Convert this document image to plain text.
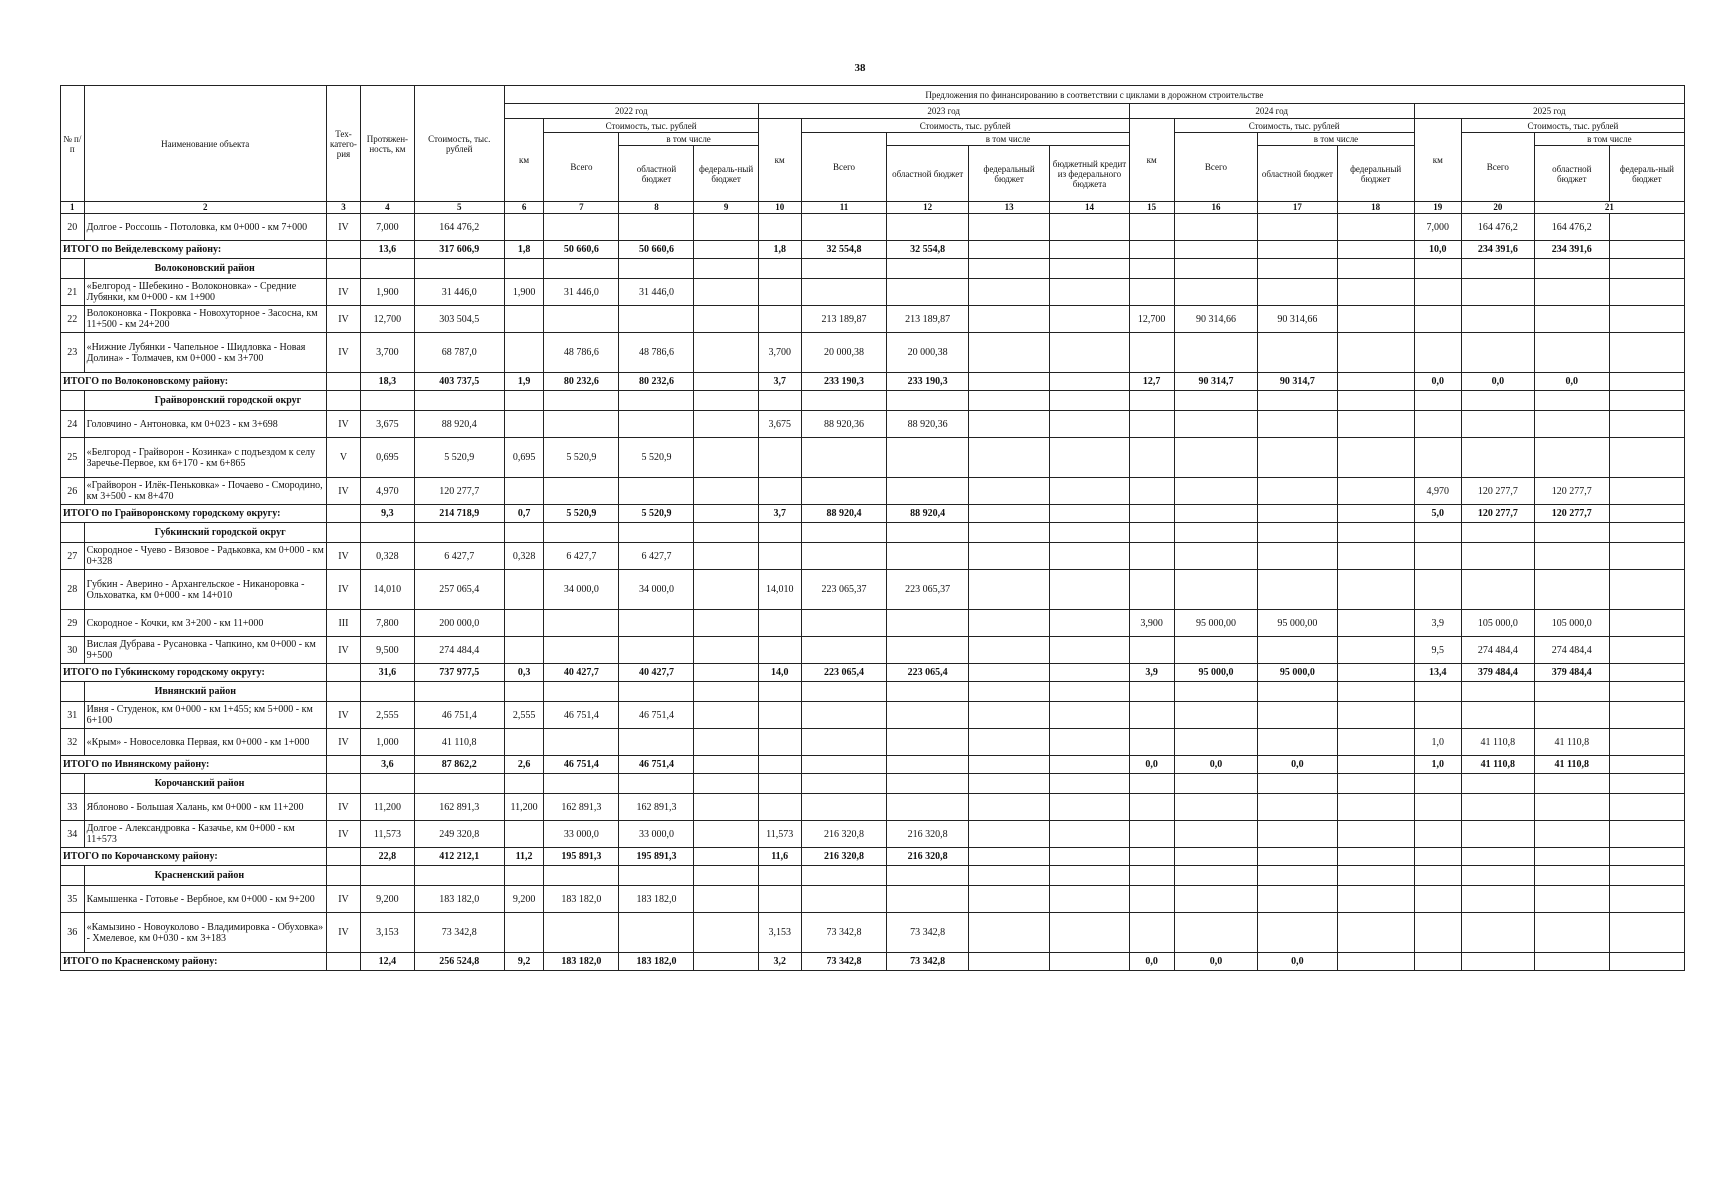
38
№ п/п	Наименование объекта	Тех-катего-рия	Протяжен-ность, км	Стоимость, тыс. рублей	Предложения по финансированию в соответствии с циклами в дорожном строительстве																
					2022 год				2023 год					2024 год				2025 год			
					км	Стоимость, тыс. рублей			км	Стоимость, тыс. рублей				км	Стоимость, тыс. рублей			км	Стоимость, тыс. рублей		
						Всего	в том числе			Всего	в том числе				Всего	в том числе			Всего	в том числе	
							областной бюджет	федераль-ный бюджет			областной бюджет	федеральный бюджет	бюджетный кредит из федерального бюджета			областной бюджет	федеральный бюджет			областной бюджет	федераль-ный бюджет
1	2	3	4	5	6	7	8	9	10	11	12	13	14	15	16	17	18	19	20	21	
20	Долгое - Россошь - Потоловка, км 0+000 - км 7+000	IV	7,000	164 476,2														7,000	164 476,2	164 476,2	
ИТОГО по Вейделевскому району:			13,6	317 606,9	1,8	50 660,6	50 660,6		1,8	32 554,8	32 554,8							10,0	234 391,6	234 391,6	
	Волоконовский район																				
21	«Белгород - Шебекино - Волоконовка» - Средние Лубянки, км 0+000 - км 1+900	IV	1,900	31 446,0	1,900	31 446,0	31 446,0														
22	Волоконовка - Покровка - Новохуторное - Засосна, км 11+500 - км 24+200	IV	12,700	303 504,5						213 189,87	213 189,87			12,700	90 314,66	90 314,66					
23	«Нижние Лубянки - Чапельное - Шидловка - Новая Долина» - Толмачев, км 0+000 - км 3+700	IV	3,700	68 787,0		48 786,6	48 786,6		3,700	20 000,38	20 000,38										
ИТОГО по Волоконовскому району:			18,3	403 737,5	1,9	80 232,6	80 232,6		3,7	233 190,3	233 190,3			12,7	90 314,7	90 314,7		0,0	0,0	0,0	
	Грайворонский городской округ																				
24	Головчино - Антоновка, км 0+023 - км 3+698	IV	3,675	88 920,4					3,675	88 920,36	88 920,36										
25	«Белгород - Грайворон - Козинка» с подъездом к селу Заречье-Первое, км 6+170 - км 6+865	V	0,695	5 520,9	0,695	5 520,9	5 520,9														
26	«Грайворон - Илёк-Пеньковка» - Почаево - Смородино, км 3+500 - км 8+470	IV	4,970	120 277,7														4,970	120 277,7	120 277,7	
ИТОГО по Грайворонскому городскому округу:			9,3	214 718,9	0,7	5 520,9	5 520,9		3,7	88 920,4	88 920,4							5,0	120 277,7	120 277,7	
	Губкинский городской округ																				
27	Скородное - Чуево - Вязовое - Радьковка, км 0+000 - км 0+328	IV	0,328	6 427,7	0,328	6 427,7	6 427,7														
28	Губкин - Аверино - Архангельское - Никаноровка - Ольховатка, км 0+000 - км 14+010	IV	14,010	257 065,4		34 000,0	34 000,0		14,010	223 065,37	223 065,37										
29	Скородное - Кочки, км 3+200 - км 11+000	III	7,800	200 000,0										3,900	95 000,00	95 000,00		3,9	105 000,0	105 000,0	
30	Вислая Дубрава - Русановка - Чапкино, км 0+000 - км 9+500	IV	9,500	274 484,4														9,5	274 484,4	274 484,4	
ИТОГО по Губкинскому городскому округу:			31,6	737 977,5	0,3	40 427,7	40 427,7		14,0	223 065,4	223 065,4			3,9	95 000,0	95 000,0		13,4	379 484,4	379 484,4	
	Ивнянский район																				
31	Ивня - Студенок, км 0+000 - км 1+455; км 5+000 - км 6+100	IV	2,555	46 751,4	2,555	46 751,4	46 751,4														
32	«Крым» - Новоселовка Первая, км 0+000 - км 1+000	IV	1,000	41 110,8														1,0	41 110,8	41 110,8	
ИТОГО по Ивнянскому району:			3,6	87 862,2	2,6	46 751,4	46 751,4							0,0	0,0	0,0		1,0	41 110,8	41 110,8	
	Корочанский район																				
33	Яблоново - Большая Халань, км 0+000 - км 11+200	IV	11,200	162 891,3	11,200	162 891,3	162 891,3														
34	Долгое - Александровка - Казачье, км 0+000 - км 11+573	IV	11,573	249 320,8		33 000,0	33 000,0		11,573	216 320,8	216 320,8										
ИТОГО по Корочанскому району:			22,8	412 212,1	11,2	195 891,3	195 891,3		11,6	216 320,8	216 320,8										
	Красненский район																				
35	Камышенка - Готовье - Вербное, км 0+000 - км 9+200	IV	9,200	183 182,0	9,200	183 182,0	183 182,0														
36	«Камызино - Новоуколово - Владимировка - Обуховка» - Хмелевое, км 0+030 - км 3+183	IV	3,153	73 342,8					3,153	73 342,8	73 342,8										
ИТОГО по Красненскому району:			12,4	256 524,8	9,2	183 182,0	183 182,0		3,2	73 342,8	73 342,8			0,0	0,0	0,0					
